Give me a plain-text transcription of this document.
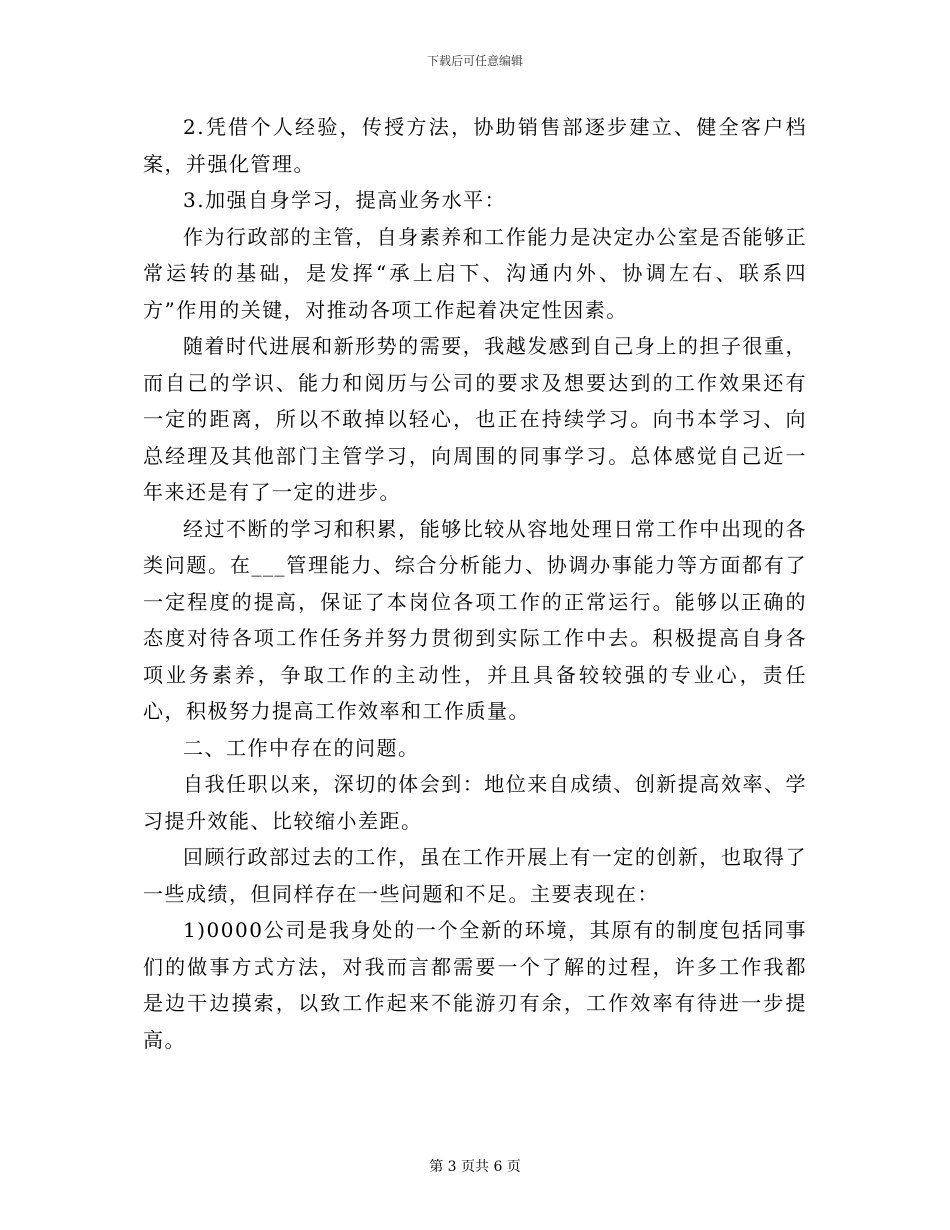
下载后可任意编辑

2.凭借个人经验，传授方法，协助销售部逐步建立、健全客户档案，并强化管理。

3.加强自身学习，提高业务水平：

作为行政部的主管，自身素养和工作能力是决定办公室是否能够正常运转的基础，是发挥“承上启下、沟通内外、协调左右、联系四方”作用的关键，对推动各项工作起着决定性因素。

随着时代进展和新形势的需要，我越发感到自己身上的担子很重，而自己的学识、能力和阅历与公司的要求及想要达到的工作效果还有一定的距离，所以不敢掉以轻心，也正在持续学习。向书本学习、向总经理及其他部门主管学习，向周围的同事学习。总体感觉自己近一年来还是有了一定的进步。

经过不断的学习和积累，能够比较从容地处理日常工作中出现的各类问题。在___管理能力、综合分析能力、协调办事能力等方面都有了一定程度的提高，保证了本岗位各项工作的正常运行。能够以正确的态度对待各项工作任务并努力贯彻到实际工作中去。积极提高自身各项业务素养，争取工作的主动性，并且具备较较强的专业心，责任心，积极努力提高工作效率和工作质量。

二、工作中存在的问题。

自我任职以来，深切的体会到：地位来自成绩、创新提高效率、学习提升效能、比较缩小差距。

回顾行政部过去的工作，虽在工作开展上有一定的创新，也取得了一些成绩，但同样存在一些问题和不足。主要表现在：

1)0000公司是我身处的一个全新的环境，其原有的制度包括同事们的做事方式方法，对我而言都需要一个了解的过程，许多工作我都是边干边摸索，以致工作起来不能游刃有余，工作效率有待进一步提高。

第 3 页共 6 页
